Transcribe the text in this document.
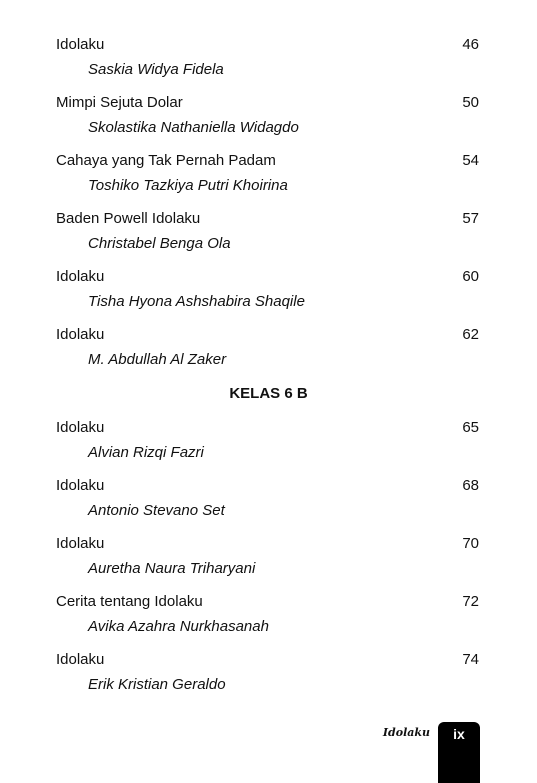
Idolaku	46
Saskia Widya Fidela
Mimpi Sejuta Dolar	50
Skolastika Nathaniella Widagdo
Cahaya yang Tak Pernah Padam	54
Toshiko Tazkiya Putri Khoirina
Baden Powell Idolaku	57
Christabel Benga Ola
Idolaku	60
Tisha Hyona Ashshabira Shaqile
Idolaku	62
M. Abdullah Al Zaker
KELAS 6 B
Idolaku	65
Alvian Rizqi Fazri
Idolaku	68
Antonio Stevano Set
Idolaku	70
Auretha Naura Triharyani
Cerita tentang Idolaku	72
Avika Azahra Nurkhasanah
Idolaku	74
Erik Kristian Geraldo
Idolaku	ix
